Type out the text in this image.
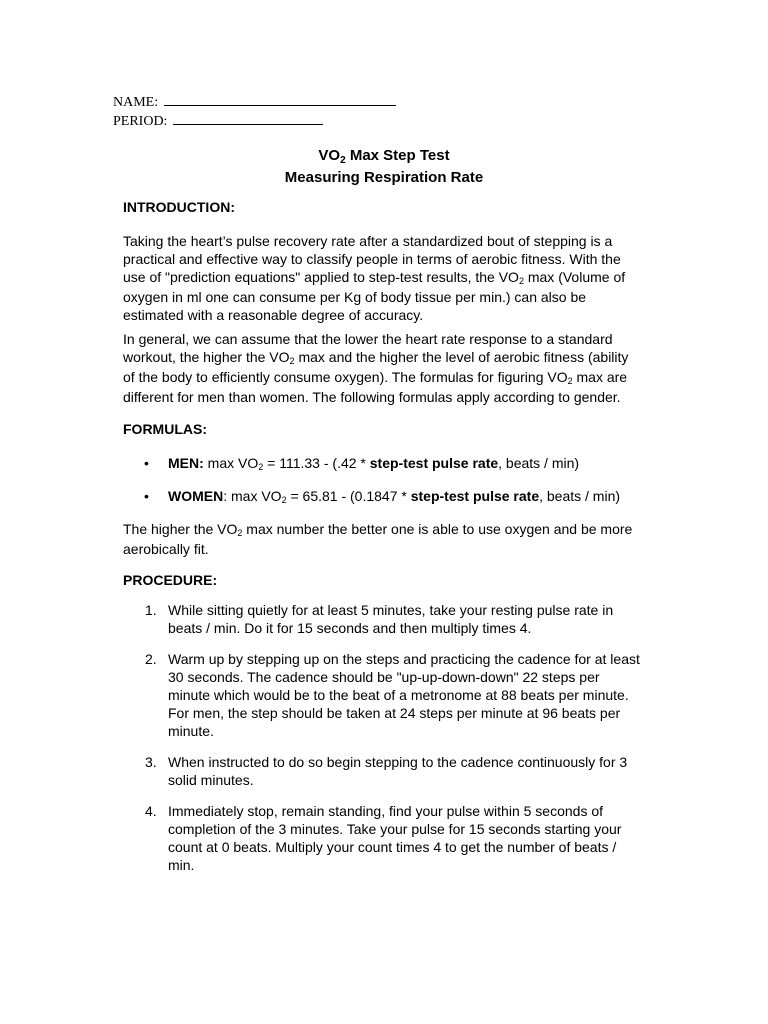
NAME:
PERIOD:
$VO_2$ Max Step Test
Measuring Respiration Rate
INTRODUCTION:

Taking the heart’s pulse recovery rate after a standardized bout of stepping is a practical and effective way to classify people in terms of aerobic fitness. With the use of "prediction equations" applied to step-test results, the $VO_2$ max (Volume of oxygen in ml one can consume per Kg of body tissue per min.) can also be estimated with a reasonable degree of accuracy.

In general, we can assume that the lower the heart rate response to a standard workout, the higher the $VO_2$ max and the higher the level of aerobic fitness (ability of the body to efficiently consume oxygen). The formulas for figuring $VO_2$ max are different for men than women. The following formulas apply according to gender.

FORMULAS:
• MEN: $\max VO_2 = 111.33 - (.42$ * step-test pulse rate, beats / min)
• WOMEN: $\max VO_2 = 65.81 - (0.1847$ * step-test pulse rate, beats / min)

The higher the $VO_2$ max number the better one is able to use oxygen and be more aerobically fit.

PROCEDURE:
1. While sitting quietly for at least 5 minutes, take your resting pulse rate in beats / min. Do it for 15 seconds and then multiply times 4.
2. Warm up by stepping up on the steps and practicing the cadence for at least 30 seconds. The cadence should be "up-up-down-down" 22 steps per minute which would be to the beat of a metronome at 88 beats per minute. For men, the step should be taken at 24 steps per minute at 96 beats per minute.
3. When instructed to do so begin stepping to the cadence continuously for 3 solid minutes.
4. Immediately stop, remain standing, find your pulse within 5 seconds of completion of the 3 minutes. Take your pulse for 15 seconds starting your count at 0 beats. Multiply your count times 4 to get the number of beats / min.
